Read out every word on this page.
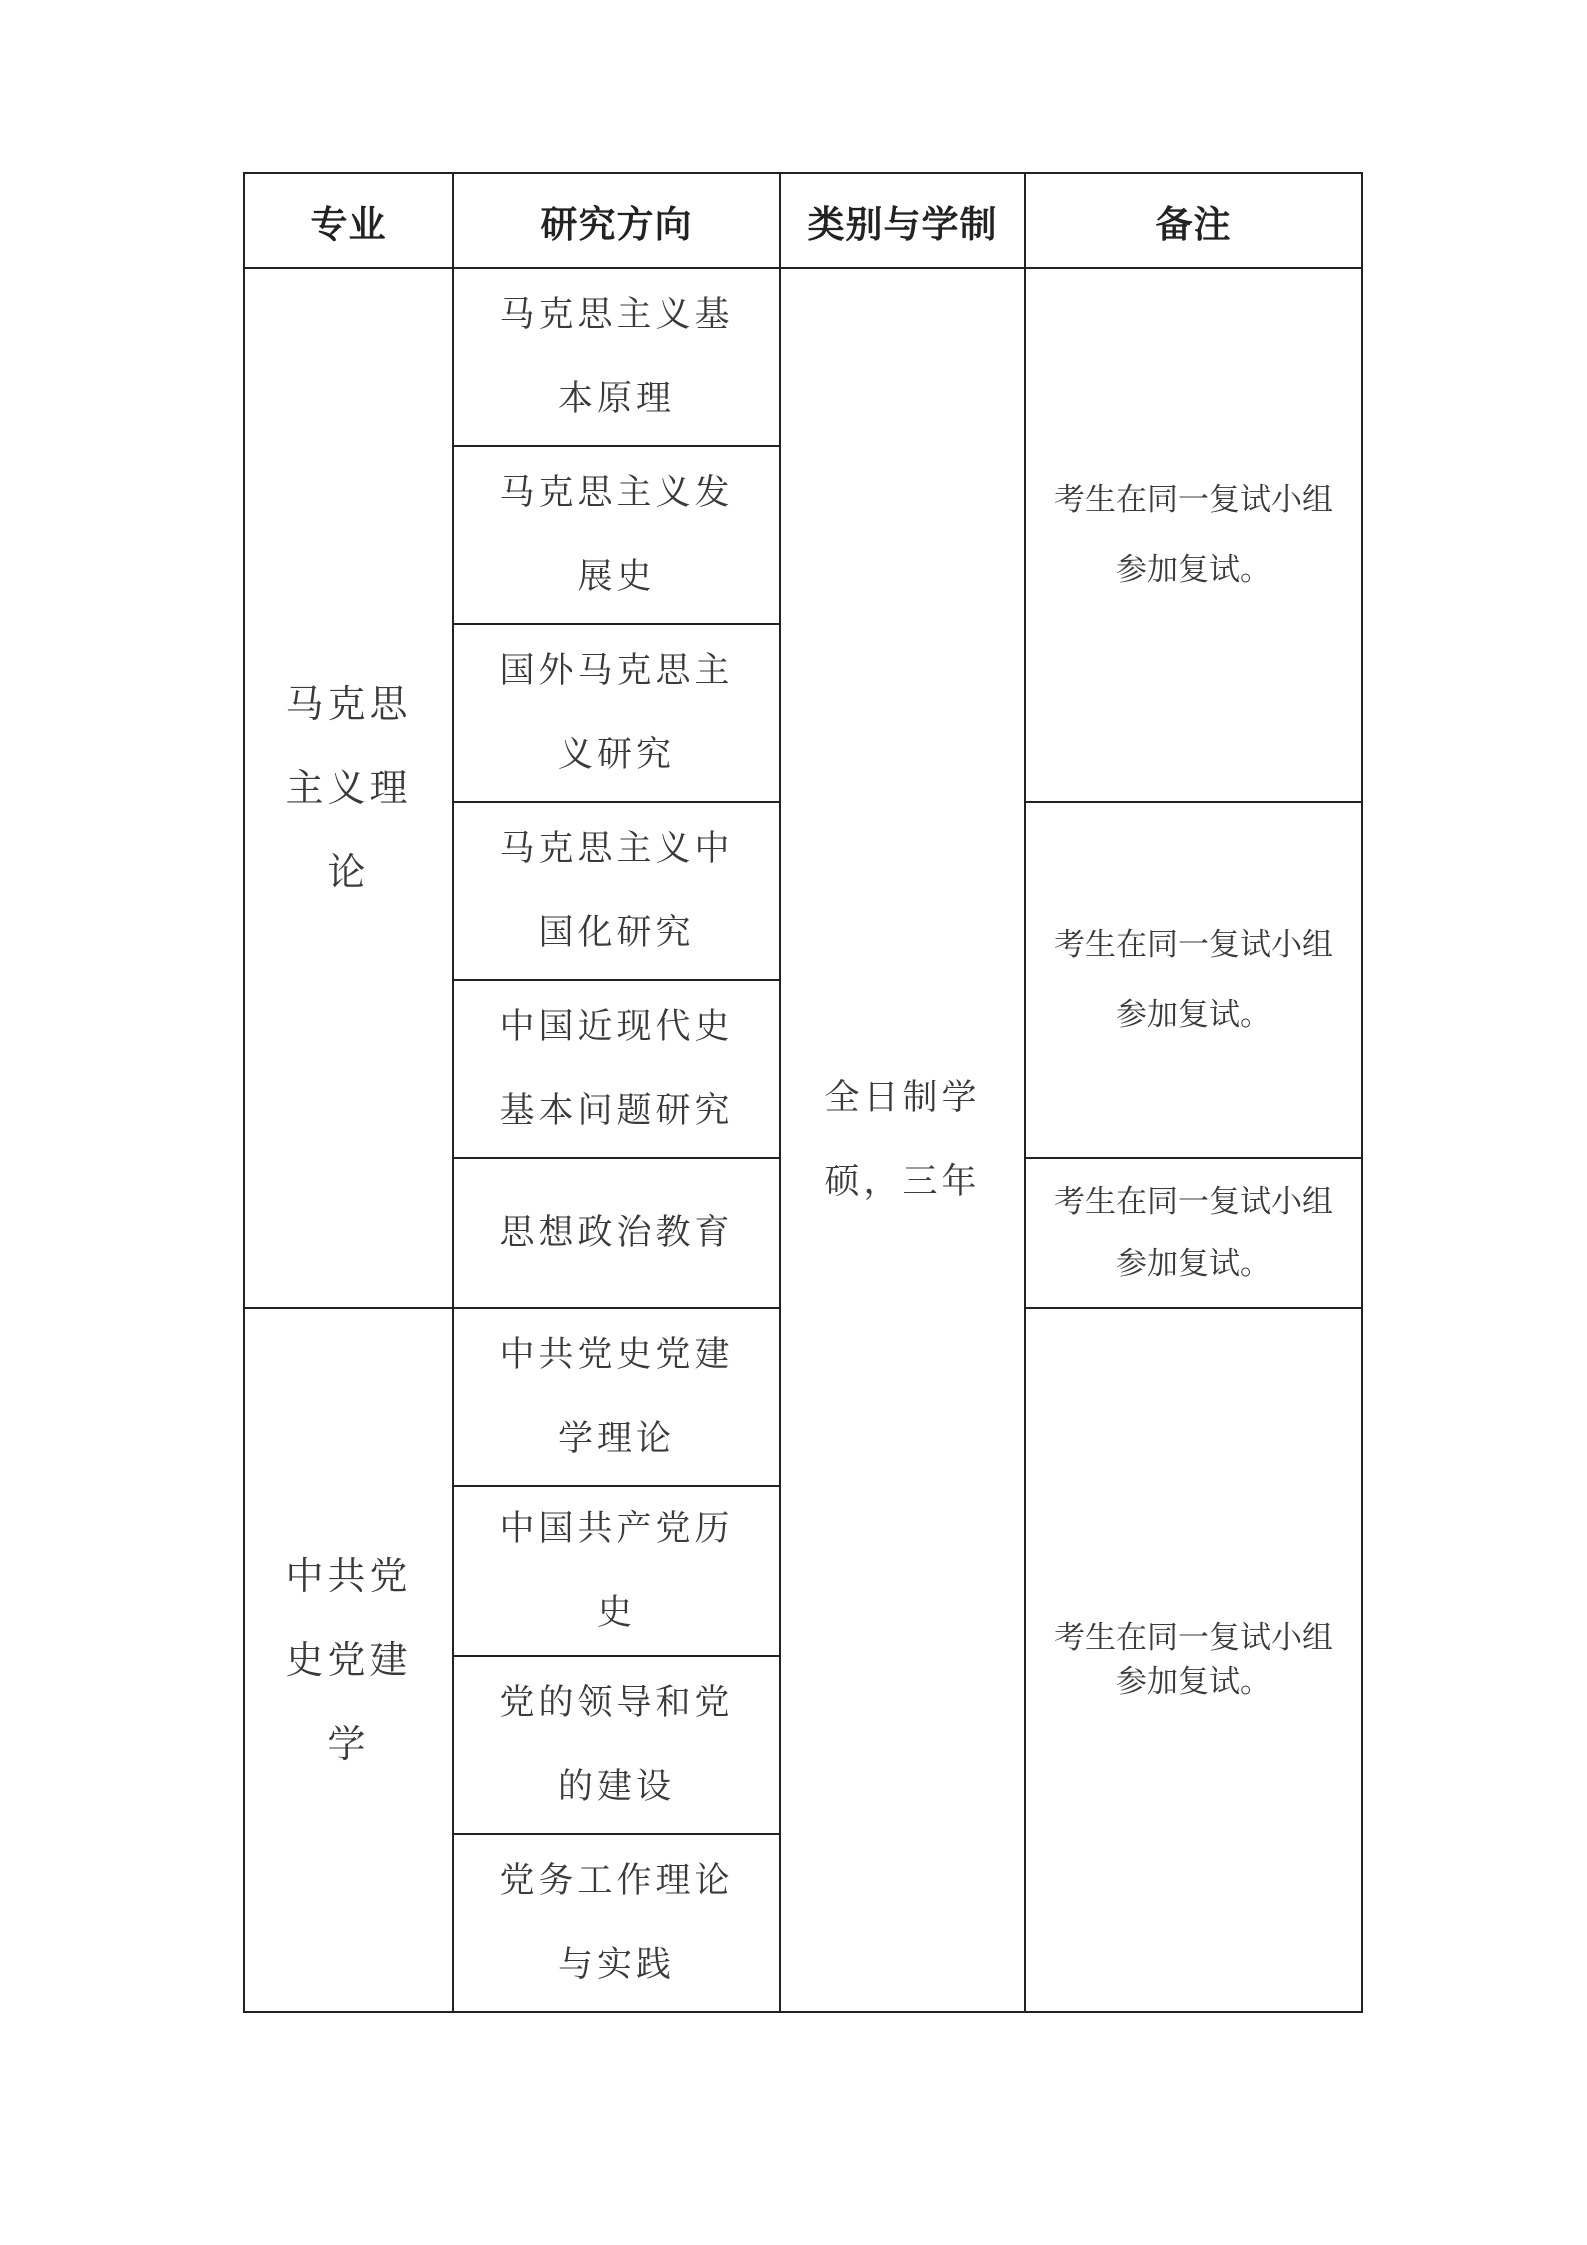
专业	研究方向	类别与学制	备注
马克思主义理论	马克思主义基本原理	全日制学硕，三年	考生在同一复试小组参加复试。
	马克思主义发展史		
	国外马克思主义研究		
	马克思主义中国化研究		考生在同一复试小组参加复试。
	中国近现代史基本问题研究		
	思想政治教育		考生在同一复试小组参加复试。
中共党史党建学	中共党史党建学理论		考生在同一复试小组参加复试。
	中国共产党历史		
	党的领导和党的建设		
	党务工作理论与实践		
